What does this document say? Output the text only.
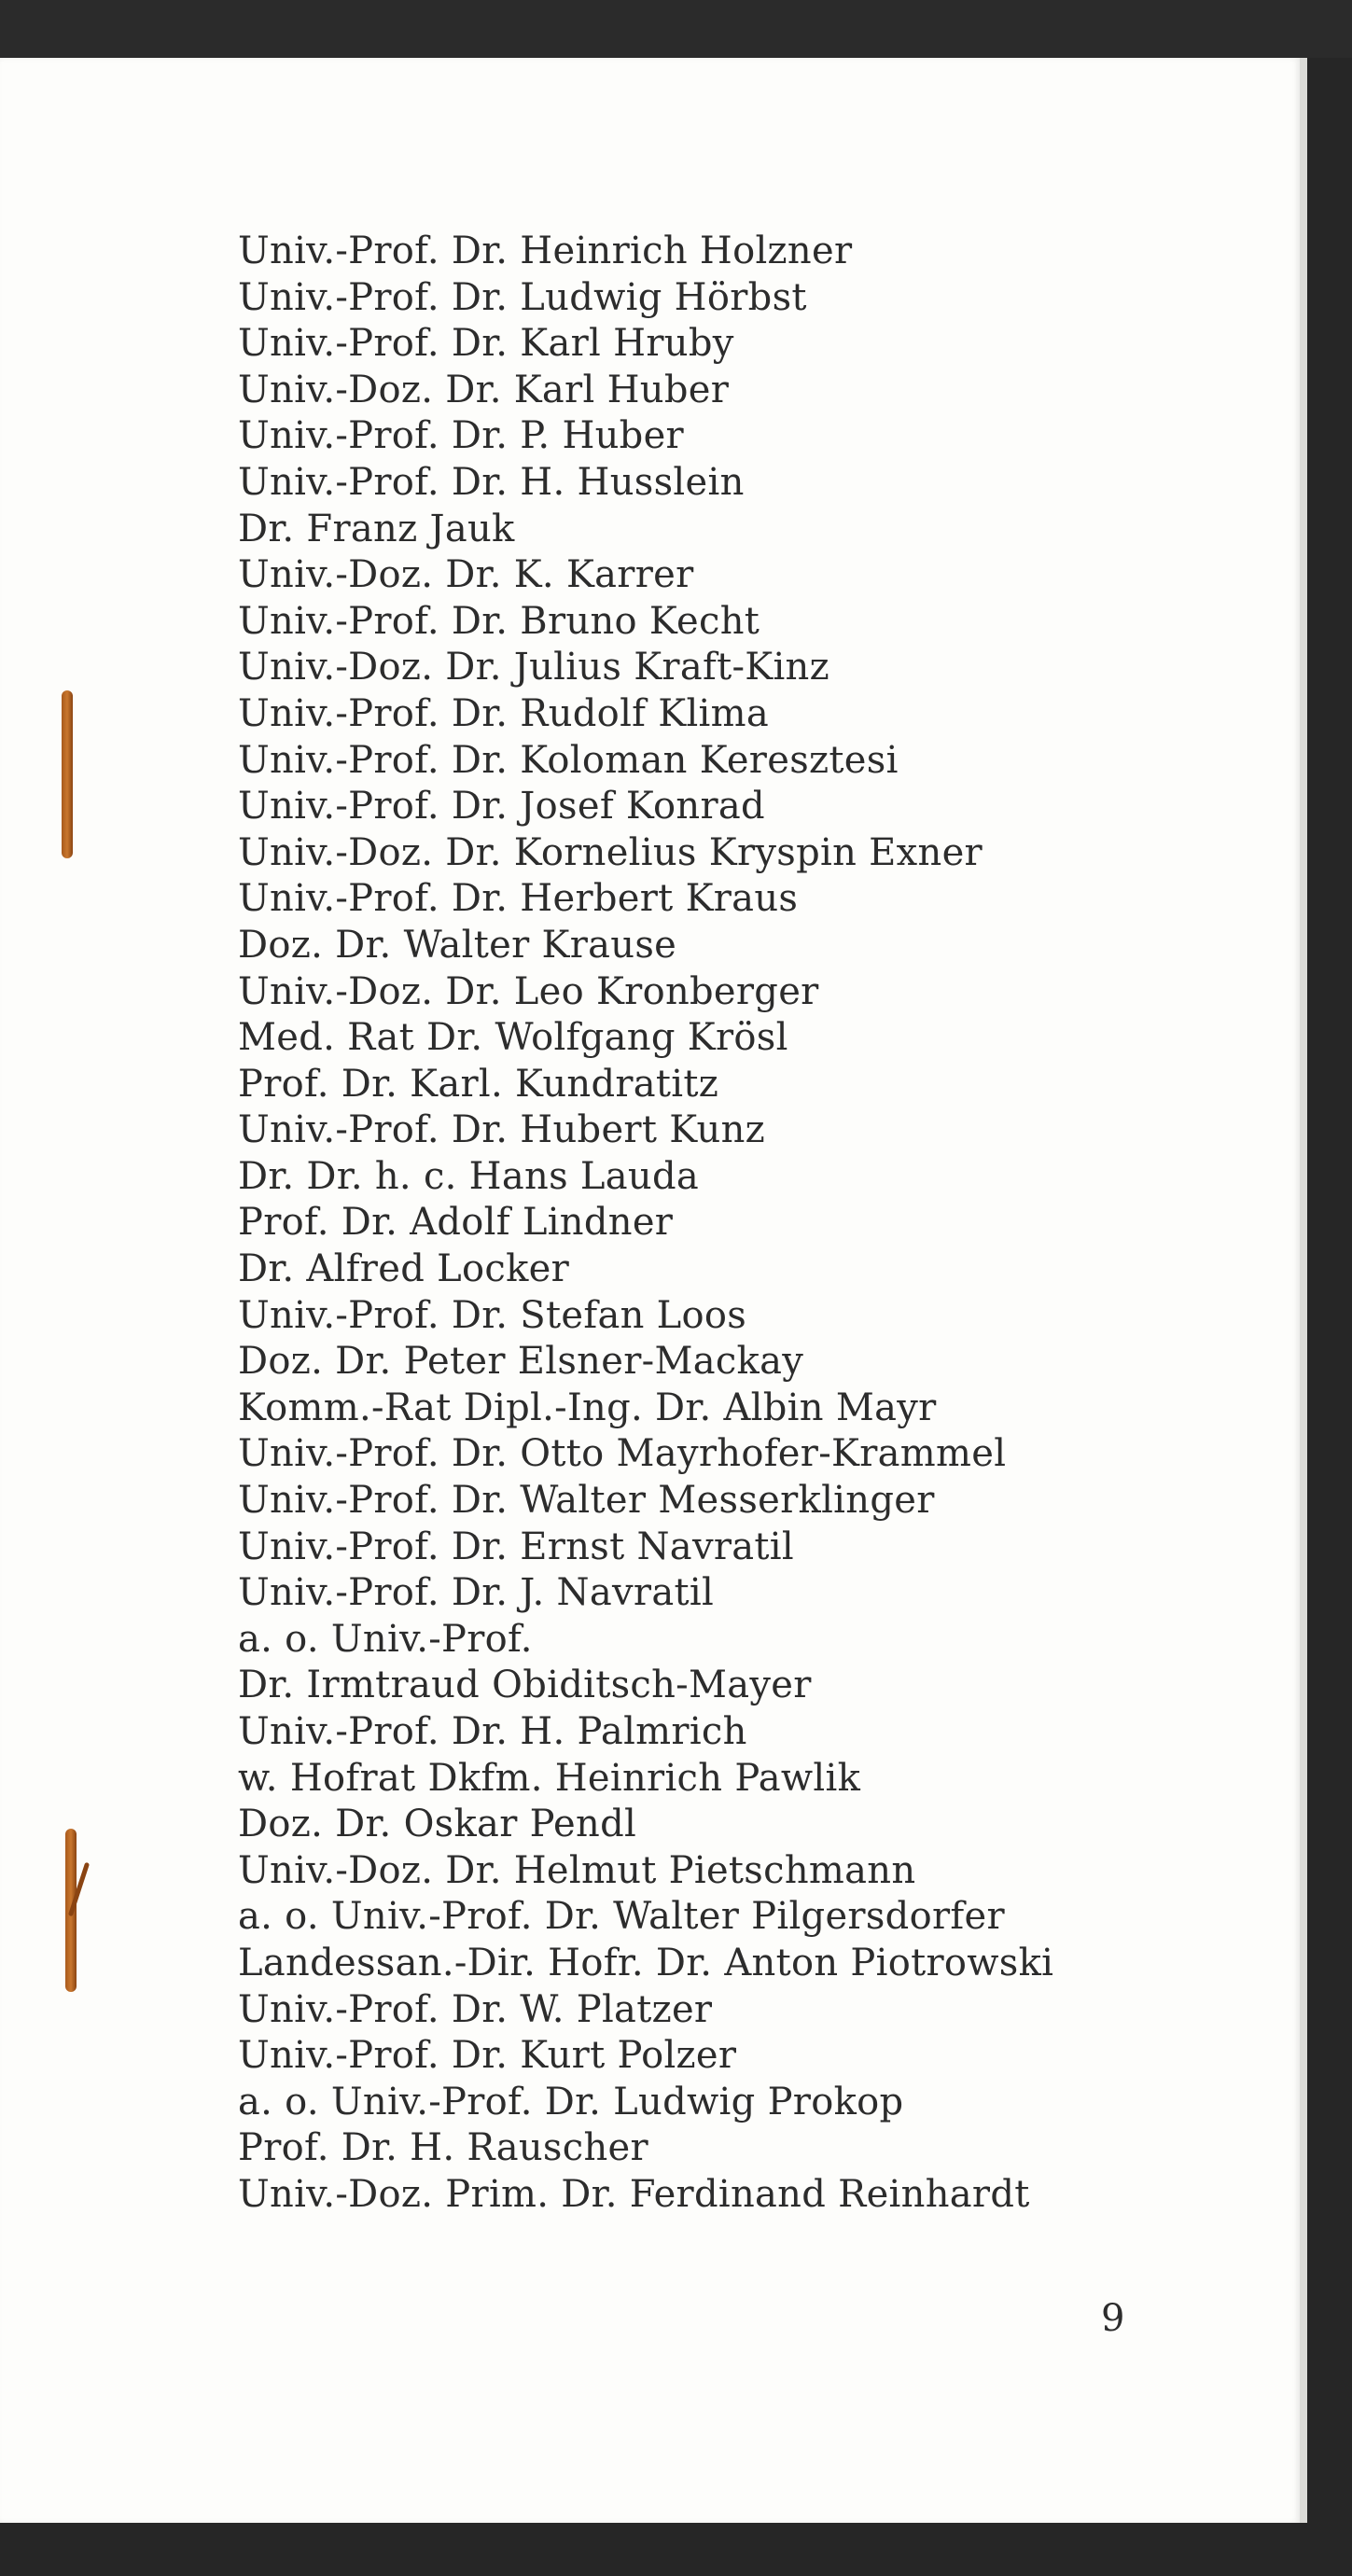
Univ.-Prof. Dr. Heinrich Holzner
Univ.-Prof. Dr. Ludwig Hörbst
Univ.-Prof. Dr. Karl Hruby
Univ.-Doz. Dr. Karl Huber
Univ.-Prof. Dr. P. Huber
Univ.-Prof. Dr. H. Husslein
Dr. Franz Jauk
Univ.-Doz. Dr. K. Karrer
Univ.-Prof. Dr. Bruno Kecht
Univ.-Doz. Dr. Julius Kraft-Kinz
Univ.-Prof. Dr. Rudolf Klima
Univ.-Prof. Dr. Koloman Keresztesi
Univ.-Prof. Dr. Josef Konrad
Univ.-Doz. Dr. Kornelius Kryspin Exner
Univ.-Prof. Dr. Herbert Kraus
Doz. Dr. Walter Krause
Univ.-Doz. Dr. Leo Kronberger
Med. Rat Dr. Wolfgang Krösl
Prof. Dr. Karl. Kundratitz
Univ.-Prof. Dr. Hubert Kunz
Dr. Dr. h. c. Hans Lauda
Prof. Dr. Adolf Lindner
Dr. Alfred Locker
Univ.-Prof. Dr. Stefan Loos
Doz. Dr. Peter Elsner-Mackay
Komm.-Rat Dipl.-Ing. Dr. Albin Mayr
Univ.-Prof. Dr. Otto Mayrhofer-Krammel
Univ.-Prof. Dr. Walter Messerklinger
Univ.-Prof. Dr. Ernst Navratil
Univ.-Prof. Dr. J. Navratil
a. o. Univ.-Prof.
Dr. Irmtraud Obiditsch-Mayer
Univ.-Prof. Dr. H. Palmrich
w. Hofrat Dkfm. Heinrich Pawlik
Doz. Dr. Oskar Pendl
Univ.-Doz. Dr. Helmut Pietschmann
a. o. Univ.-Prof. Dr. Walter Pilgersdorfer
Landessan.-Dir. Hofr. Dr. Anton Piotrowski
Univ.-Prof. Dr. W. Platzer
Univ.-Prof. Dr. Kurt Polzer
a. o. Univ.-Prof. Dr. Ludwig Prokop
Prof. Dr. H. Rauscher
Univ.-Doz. Prim. Dr. Ferdinand Reinhardt
9
